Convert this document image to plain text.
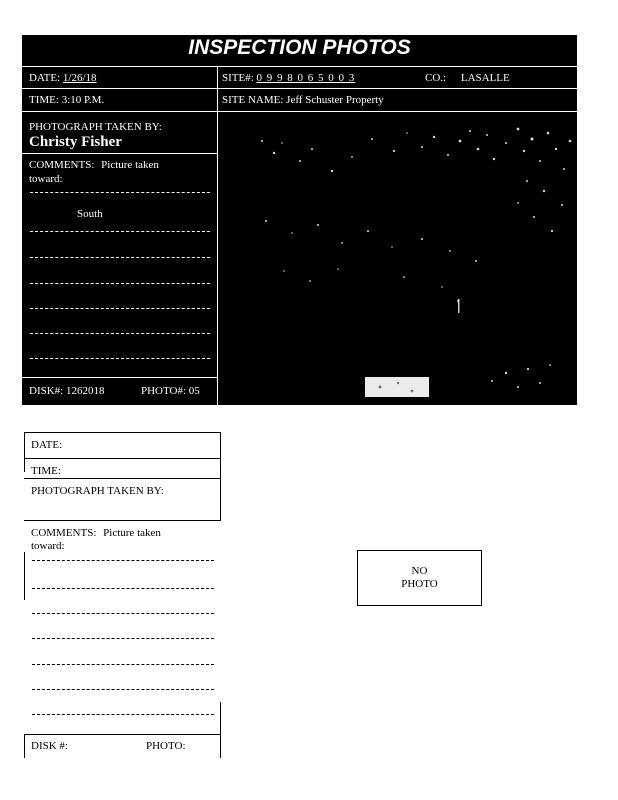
INSPECTION PHOTOS
DATE: 1/26/18	SITE#: 0 9 9 8 0 6 5 0 0 3	CO.: LASALLE
TIME: 3:10 P.M.	SITE NAME: Jeff Schuster Property
PHOTOGRAPH TAKEN BY:
Christy Fisher
COMMENTS: Picture taken
toward:
South
DISK#: 1262018	PHOTO#: 05
DATE:
TIME:
PHOTOGRAPH TAKEN BY:
COMMENTS: Picture taken
toward:
DISK #:	PHOTO:
NO
PHOTO
